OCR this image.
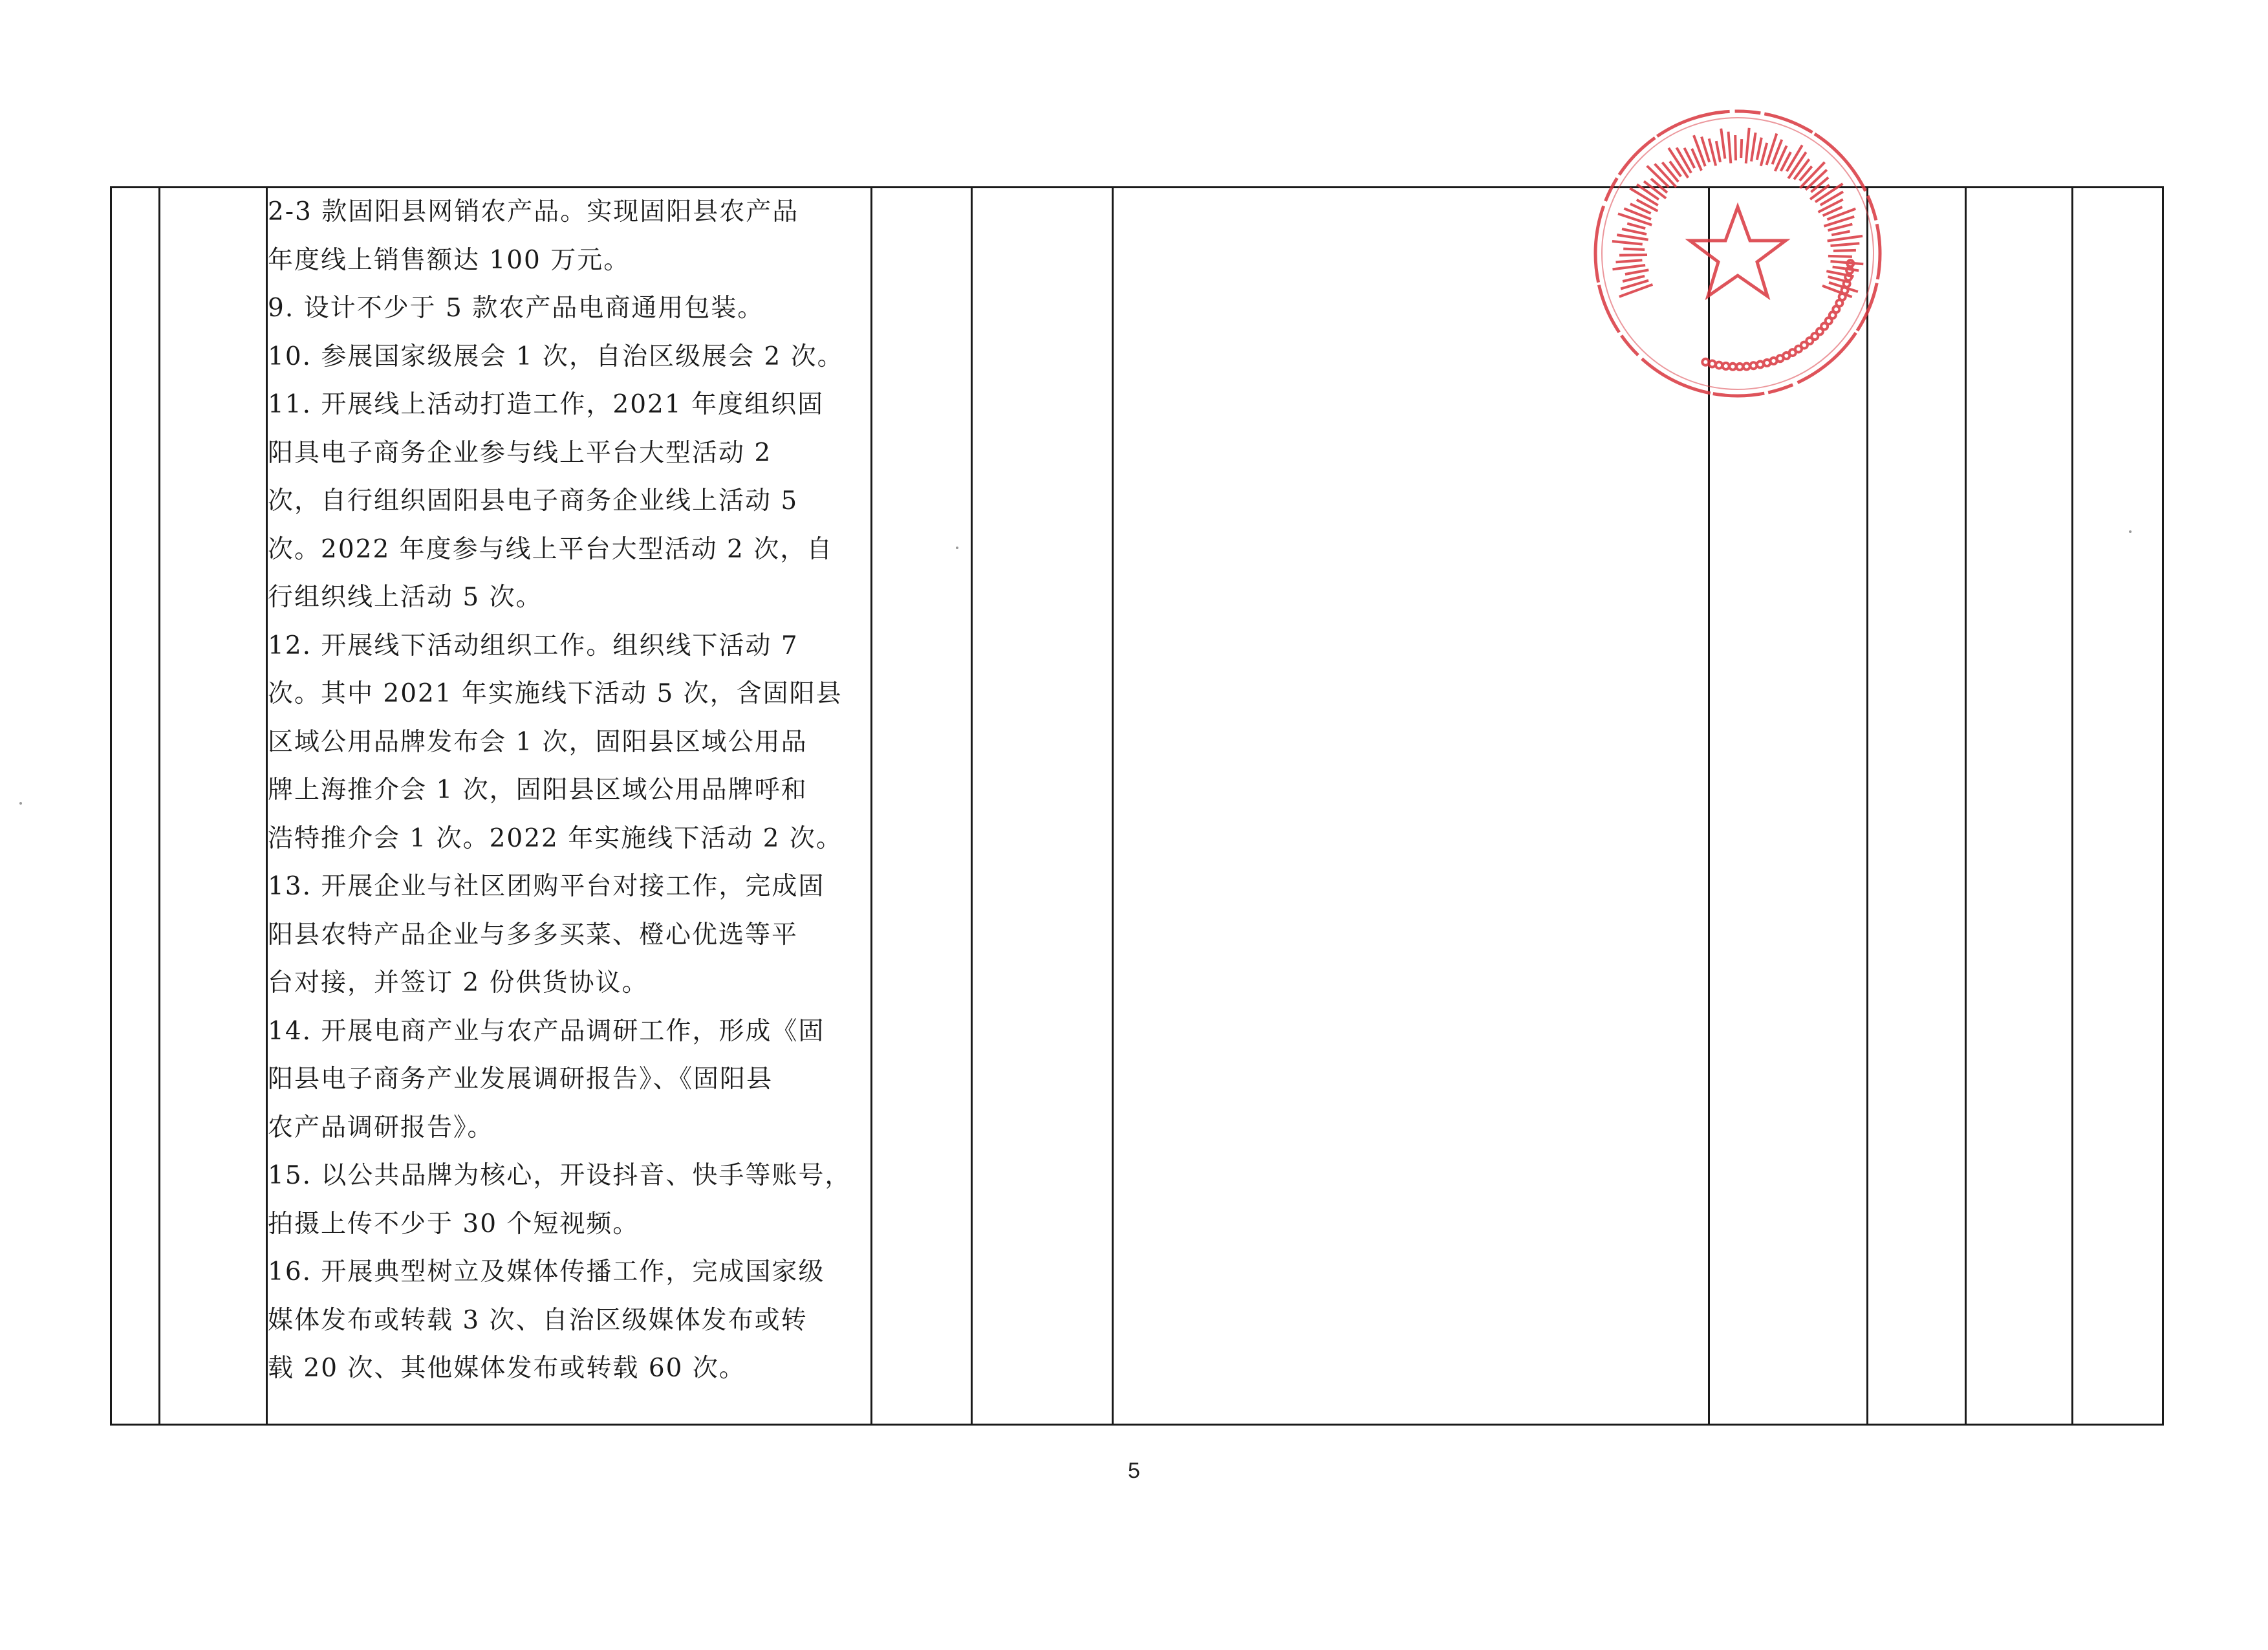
2-3 款固阳县网销农产品。实现固阳县农产品
年度线上销售额达 100 万元。
9. 设计不少于 5 款农产品电商通用包装。
10. 参展国家级展会 1 次，自治区级展会 2 次。
11. 开展线上活动打造工作，2021 年度组织固
阳具电子商务企业参与线上平台大型活动 2
次，自行组织固阳县电子商务企业线上活动 5
次。2022 年度参与线上平台大型活动 2 次，自
行组织线上活动 5 次。
12. 开展线下活动组织工作。组织线下活动 7
次。其中 2021 年实施线下活动 5 次，含固阳县
区域公用品牌发布会 1 次，固阳县区域公用品
牌上海推介会 1 次，固阳县区域公用品牌呼和
浩特推介会 1 次。2022 年实施线下活动 2 次。
13. 开展企业与社区团购平台对接工作，完成固
阳县农特产品企业与多多买菜、橙心优选等平
台对接，并签订 2 份供货协议。
14. 开展电商产业与农产品调研工作，形成《固
阳县电子商务产业发展调研报告》、《固阳县
农产品调研报告》。
15. 以公共品牌为核心，开设抖音、快手等账号，
拍摄上传不少于 30 个短视频。
16. 开展典型树立及媒体传播工作，完成国家级
媒体发布或转载 3 次、自治区级媒体发布或转
载 20 次、其他媒体发布或转载 60 次。

5
